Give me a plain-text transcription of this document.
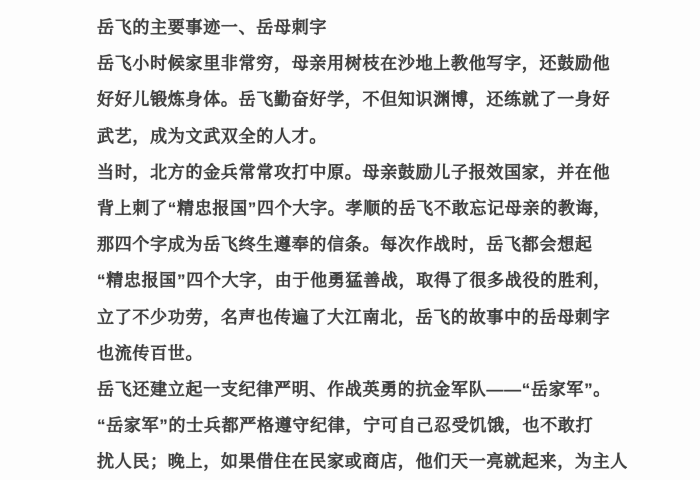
岳飞的主要事迹一、岳母刺字
岳飞小时候家里非常穷，母亲用树枝在沙地上教他写字，还鼓励他
好好儿锻炼身体。岳飞勤奋好学，不但知识渊博，还练就了一身好
武艺，成为文武双全的人才。
当时，北方的金兵常常攻打中原。母亲鼓励儿子报效国家，并在他
背上刺了“精忠报国”四个大字。孝顺的岳飞不敢忘记母亲的教诲，
那四个字成为岳飞终生遵奉的信条。每次作战时，岳飞都会想起
“精忠报国”四个大字，由于他勇猛善战，取得了很多战役的胜利，
立了不少功劳，名声也传遍了大江南北，岳飞的故事中的岳母刺字
也流传百世。
岳飞还建立起一支纪律严明、作战英勇的抗金军队——“岳家军”。
“岳家军”的士兵都严格遵守纪律，宁可自己忍受饥饿，也不敢打
扰人民；晚上，如果借住在民家或商店，他们天一亮就起来，为主人
